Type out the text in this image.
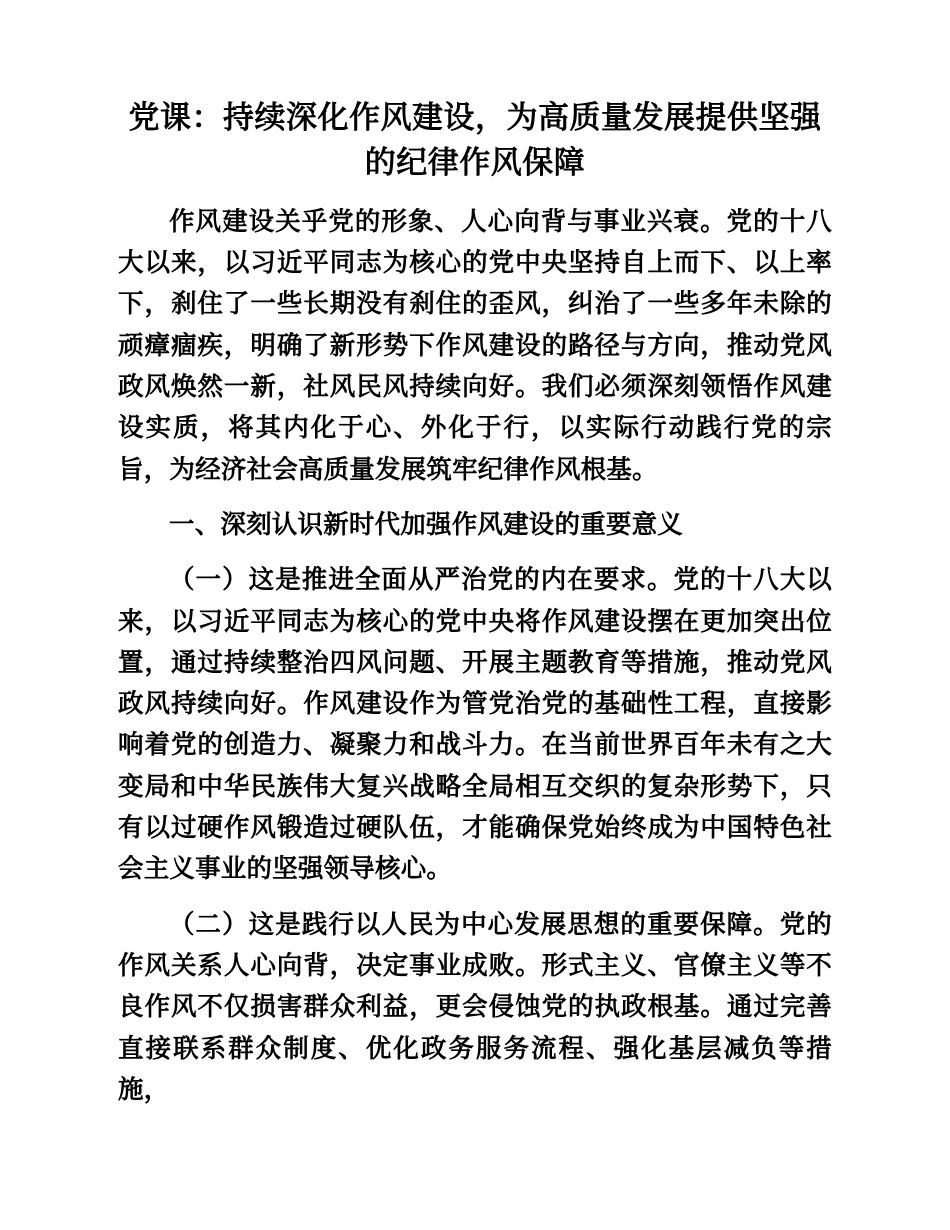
党课：持续深化作风建设，为高质量发展提供坚强的纪律作风保障

作风建设关乎党的形象、人心向背与事业兴衰。党的十八大以来，以习近平同志为核心的党中央坚持自上而下、以上率下，刹住了一些长期没有刹住的歪风，纠治了一些多年未除的顽瘴痼疾，明确了新形势下作风建设的路径与方向，推动党风政风焕然一新，社风民风持续向好。我们必须深刻领悟作风建设实质，将其内化于心、外化于行，以实际行动践行党的宗旨，为经济社会高质量发展筑牢纪律作风根基。

一、深刻认识新时代加强作风建设的重要意义

（一）这是推进全面从严治党的内在要求。党的十八大以来，以习近平同志为核心的党中央将作风建设摆在更加突出位置，通过持续整治四风问题、开展主题教育等措施，推动党风政风持续向好。作风建设作为管党治党的基础性工程，直接影响着党的创造力、凝聚力和战斗力。在当前世界百年未有之大变局和中华民族伟大复兴战略全局相互交织的复杂形势下，只有以过硬作风锻造过硬队伍，才能确保党始终成为中国特色社会主义事业的坚强领导核心。

（二）这是践行以人民为中心发展思想的重要保障。党的作风关系人心向背，决定事业成败。形式主义、官僚主义等不良作风不仅损害群众利益，更会侵蚀党的执政根基。通过完善直接联系群众制度、优化政务服务流程、强化基层减负等措施，
